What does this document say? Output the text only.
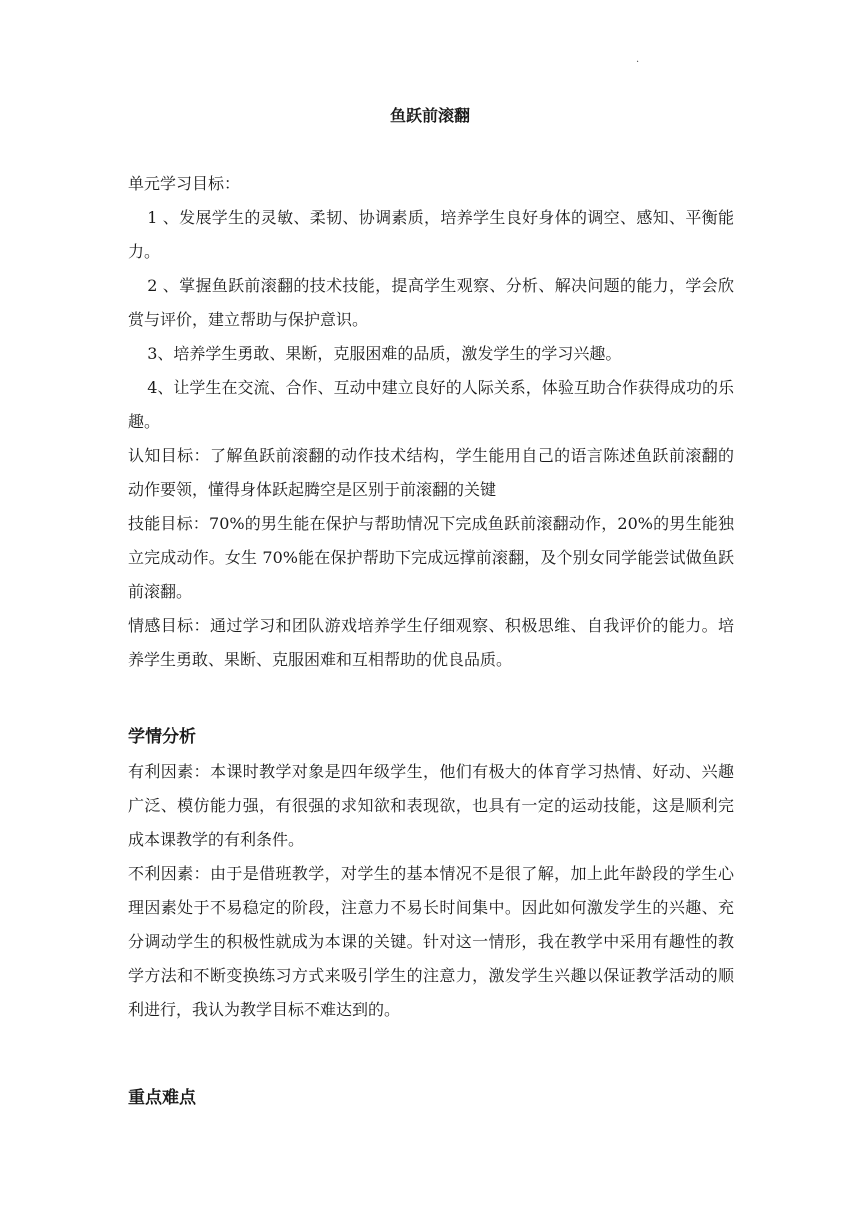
·
鱼跃前滚翻

单元学习目标：

1 、发展学生的灵敏、柔韧、协调素质，培养学生良好身体的调空、感知、平衡能力。

2 、掌握鱼跃前滚翻的技术技能，提高学生观察、分析、解决问题的能力，学会欣赏与评价，建立帮助与保护意识。

3、培养学生勇敢、果断，克服困难的品质，激发学生的学习兴趣。

4、让学生在交流、合作、互动中建立良好的人际关系，体验互助合作获得成功的乐趣。

认知目标：了解鱼跃前滚翻的动作技术结构，学生能用自己的语言陈述鱼跃前滚翻的动作要领，懂得身体跃起腾空是区别于前滚翻的关键

技能目标：70%的男生能在保护与帮助情况下完成鱼跃前滚翻动作，20%的男生能独立完成动作。女生 70%能在保护帮助下完成远撑前滚翻，及个别女同学能尝试做鱼跃前滚翻。

情感目标：通过学习和团队游戏培养学生仔细观察、积极思维、自我评价的能力。培养学生勇敢、果断、克服困难和互相帮助的优良品质。

学情分析

有利因素：本课时教学对象是四年级学生，他们有极大的体育学习热情、好动、兴趣广泛、模仿能力强，有很强的求知欲和表现欲，也具有一定的运动技能，这是顺利完成本课教学的有利条件。

不利因素：由于是借班教学，对学生的基本情况不是很了解，加上此年龄段的学生心理因素处于不易稳定的阶段，注意力不易长时间集中。因此如何激发学生的兴趣、充分调动学生的积极性就成为本课的关键。针对这一情形，我在教学中采用有趣性的教学方法和不断变换练习方式来吸引学生的注意力，激发学生兴趣以保证教学活动的顺利进行，我认为教学目标不难达到的。

重点难点
